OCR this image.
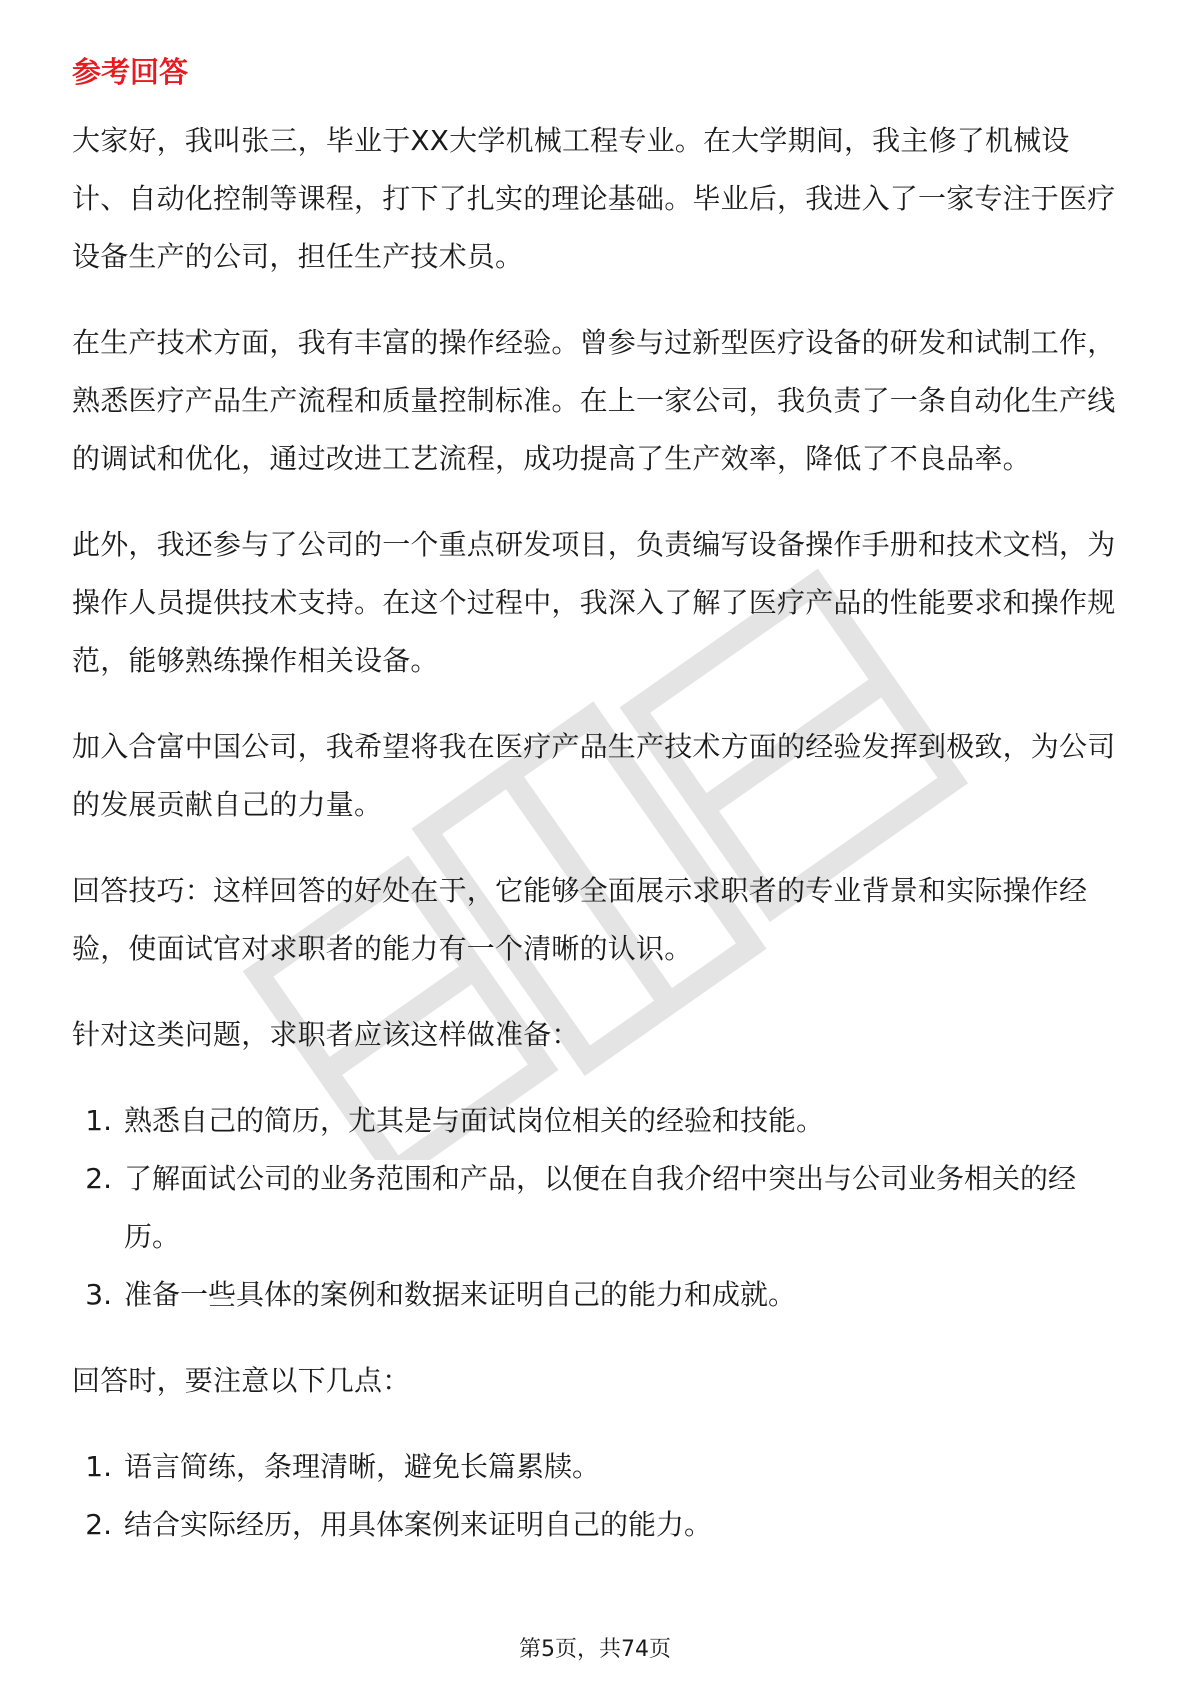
参考回答

大家好，我叫张三，毕业于XX大学机械工程专业。在大学期间，我主修了机械设计、自动化控制等课程，打下了扎实的理论基础。毕业后，我进入了一家专注于医疗设备生产的公司，担任生产技术员。

在生产技术方面，我有丰富的操作经验。曾参与过新型医疗设备的研发和试制工作，熟悉医疗产品生产流程和质量控制标准。在上一家公司，我负责了一条自动化生产线的调试和优化，通过改进工艺流程，成功提高了生产效率，降低了不良品率。

此外，我还参与了公司的一个重点研发项目，负责编写设备操作手册和技术文档，为操作人员提供技术支持。在这个过程中，我深入了解了医疗产品的性能要求和操作规范，能够熟练操作相关设备。

加入合富中国公司，我希望将我在医疗产品生产技术方面的经验发挥到极致，为公司的发展贡献自己的力量。

回答技巧：这样回答的好处在于，它能够全面展示求职者的专业背景和实际操作经验，使面试官对求职者的能力有一个清晰的认识。

针对这类问题，求职者应该这样做准备：

1. 熟悉自己的简历，尤其是与面试岗位相关的经验和技能。
2. 了解面试公司的业务范围和产品，以便在自我介绍中突出与公司业务相关的经历。
3. 准备一些具体的案例和数据来证明自己的能力和成就。

回答时，要注意以下几点：

1. 语言简练，条理清晰，避免长篇累牍。
2. 结合实际经历，用具体案例来证明自己的能力。
第5页，共74页
